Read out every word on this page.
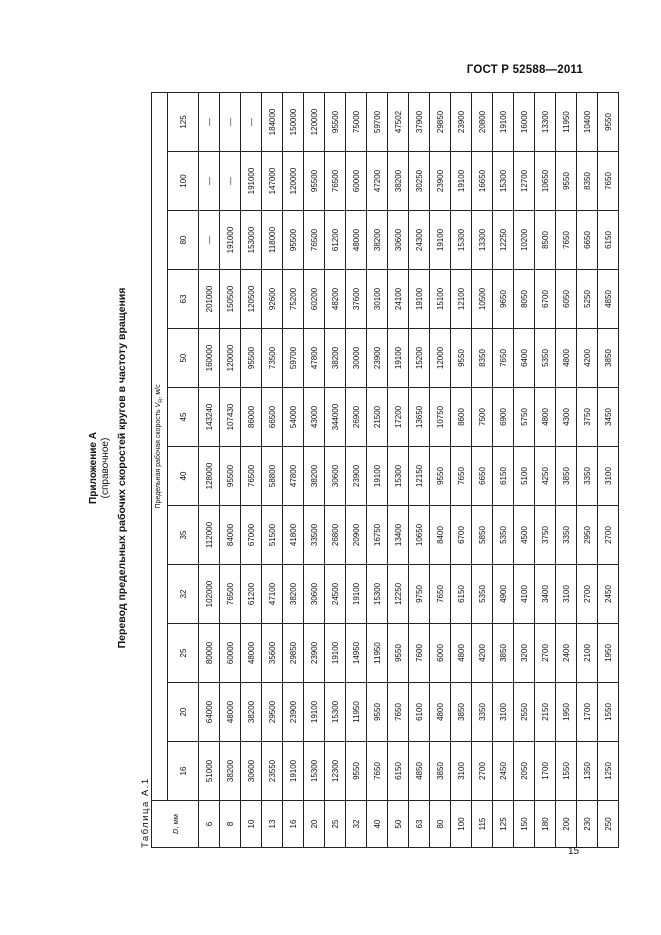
ГОСТ Р 52588—2011
Приложение А (справочное) Перевод предельных рабочих скоростей кругов в частоту вращения
Таблица А.1	D, мм	Предельная рабочая скорость $V_R$, м/с											
	16	20	25	32	35	40	45	50	63	80	100	125
6	51000	64000	80000	102000	112000	128000	143240	160000	201000	—	—	—
8	38200	48000	60000	76500	84000	95500	107430	120000	150500	191000	—	—
10	30600	38200	48000	61200	67000	76500	86000	95500	120500	153000	191000	—
13	23550	29500	35600	47100	51500	58800	66500	73500	92600	118000	147000	184000
16	19100	23900	29850	38200	41800	47800	54000	59700	75200	95500	120000	150000
20	15300	19100	23900	30600	33500	38200	43000	47800	60200	76500	95500	120000
25	12300	15300	19100	24500	26800	30600	344000	38200	48200	61200	76500	95500
32	9550	11950	14950	19100	20900	23900	26900	30000	37600	48000	60000	75000
40	7650	9550	11950	15300	16750	19100	21500	23900	30100	38200	47200	59700
50	6150	7650	9550	12250	13400	15300	17200	19100	24100	30600	38200	47502
63	4850	6100	7600	9750	10650	12150	13650	15200	19100	24300	30250	37900
80	3850	4800	6000	7650	8400	9550	10750	12000	15100	19100	23900	29850
100	3100	3850	4800	6150	6700	7650	8600	9550	12100	15300	19100	23900
115	2700	3350	4200	5350	5850	6650	7500	8350	10500	13300	16650	20800
125	2450	3100	3850	4900	5350	6150	6900	7650	9650	12250	15300	19100
150	2050	2550	3200	4100	4500	5100	5750	6400	8050	10200	12700	16000
180	1700	2150	2700	3400	3750	4250	4800	5350	6700	8500	10650	13300
200	1550	1950	2400	3100	3350	3850	4300	4800	6050	7650	9550	11950
230	1350	1700	2100	2700	2950	3350	3750	4200	5250	6650	8350	10400
250	1250	1550	1950	2450	2700	3100	3450	3850	4850	6150	7650	9550
15
